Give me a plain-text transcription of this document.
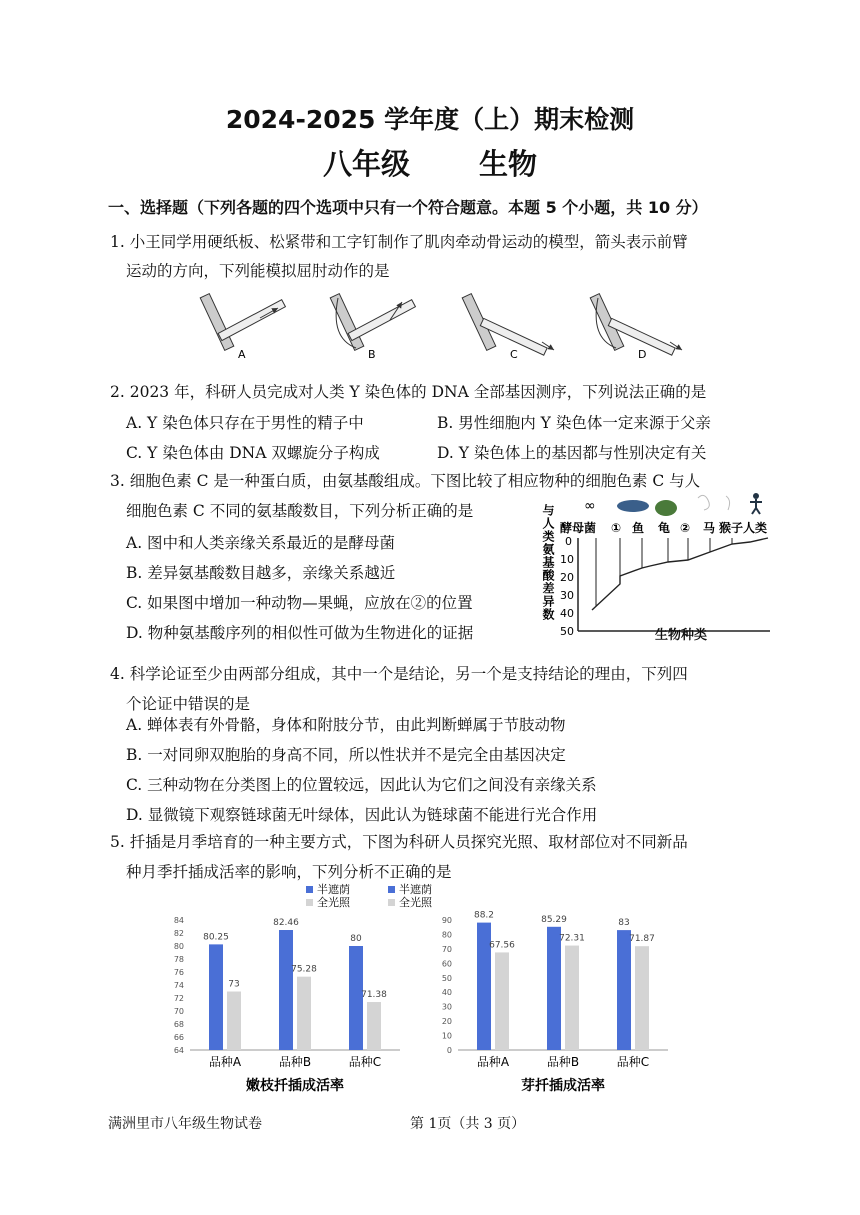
2024-2025 学年度（上）期末检测
八年级　 生物
一、选择题（下列各题的四个选项中只有一个符合题意。本题 5 个小题，共 10 分）
1. 小王同学用硬纸板、松紧带和工字钉制作了肌肉牵动骨运动的模型，箭头表示前臂
运动的方向，下列能模拟屈肘动作的是
A	B	C	D
2. 2023 年，科研人员完成对人类 Y 染色体的 DNA 全部基因测序，下列说法正确的是
A. Y 染色体只存在于男性的精子中	B. 男性细胞内 Y 染色体一定来源于父亲
C. Y 染色体由 DNA 双螺旋分子构成	D. Y 染色体上的基因都与性别决定有关
3. 细胞色素 C 是一种蛋白质，由氨基酸组成。下图比较了相应物种的细胞色素 C 与人
细胞色素 C 不同的氨基酸数目，下列分析正确的是
A. 图中和人类亲缘关系最近的是酵母菌
B. 差异氨基酸数目越多，亲缘关系越近
C. 如果图中增加一种动物—果蝇，应放在②的位置
D. 物种氨基酸序列的相似性可做为生物进化的证据
与人类氨基酸差异数 ∞
酵母菌 ① 鱼 龟 ② 马 猴子 人类
0
10
20
30
40
50	生物种类
4. 科学论证至少由两部分组成，其中一个是结论，另一个是支持结论的理由，下列四
个论证中错误的是
A. 蝉体表有外骨骼，身体和附肢分节，由此判断蝉属于节肢动物
B. 一对同卵双胞胎的身高不同，所以性状并不是完全由基因决定
C. 三种动物在分类图上的位置较远，因此认为它们之间没有亲缘关系
D. 显微镜下观察链球菌无叶绿体，因此认为链球菌不能进行光合作用
5. 扦插是月季培育的一种主要方式，下图为科研人员探究光照、取材部位对不同新品
种月季扦插成活率的影响，下列分析不正确的是
半遮荫
全光照
64
66
68
70
72
74
76
78
80
82
84
80.25
73
品种A
82.46
75.28
品种B
80
71.38
品种C
嫩枝扦插成活率
半遮荫
全光照
0
10
20
30
40
50
60
70
80
90 88.2
67.56
品种A
85.29
72.31
品种B
83
71.87
品种C
芽扦插成活率
满洲里市八年级生物试卷	第 1页（共 3 页）
